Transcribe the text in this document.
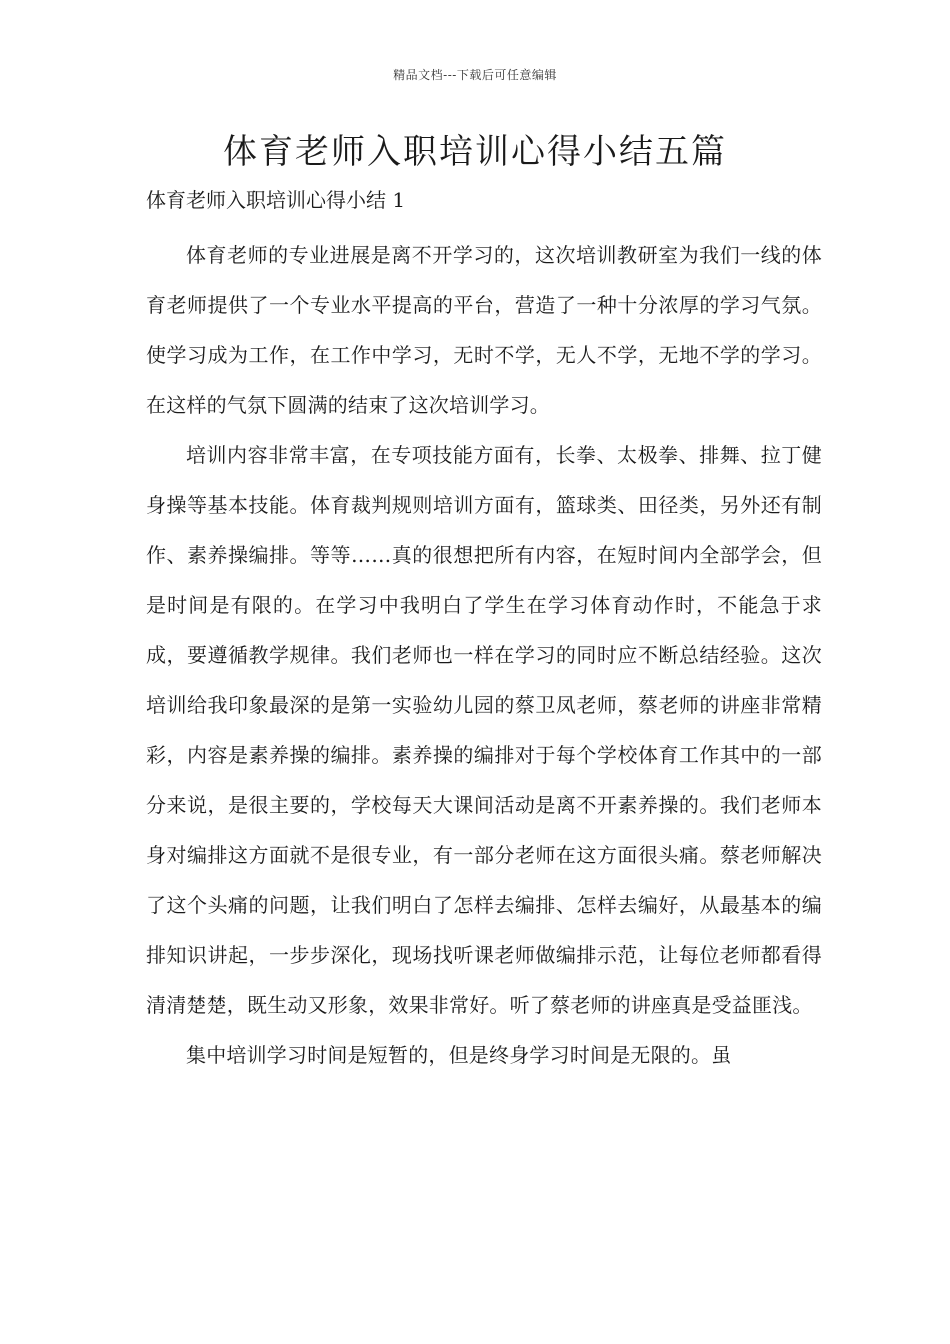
精品文档---下载后可任意编辑
体育老师入职培训心得小结五篇
体育老师入职培训心得小结 1

体育老师的专业进展是离不开学习的，这次培训教研室为我们一线的体育老师提供了一个专业水平提高的平台，营造了一种十分浓厚的学习气氛。使学习成为工作，在工作中学习，无时不学，无人不学，无地不学的学习。在这样的气氛下圆满的结束了这次培训学习。

培训内容非常丰富，在专项技能方面有，长拳、太极拳、排舞、拉丁健身操等基本技能。体育裁判规则培训方面有，篮球类、田径类，另外还有制作、素养操编排。等等……真的很想把所有内容，在短时间内全部学会，但是时间是有限的。在学习中我明白了学生在学习体育动作时，不能急于求成，要遵循教学规律。我们老师也一样在学习的同时应不断总结经验。这次培训给我印象最深的是第一实验幼儿园的蔡卫凤老师，蔡老师的讲座非常精彩，内容是素养操的编排。素养操的编排对于每个学校体育工作其中的一部分来说，是很主要的，学校每天大课间活动是离不开素养操的。我们老师本身对编排这方面就不是很专业，有一部分老师在这方面很头痛。蔡老师解决了这个头痛的问题，让我们明白了怎样去编排、怎样去编好，从最基本的编排知识讲起，一步步深化，现场找听课老师做编排示范，让每位老师都看得清清楚楚，既生动又形象，效果非常好。听了蔡老师的讲座真是受益匪浅。

集中培训学习时间是短暂的，但是终身学习时间是无限的。虽
